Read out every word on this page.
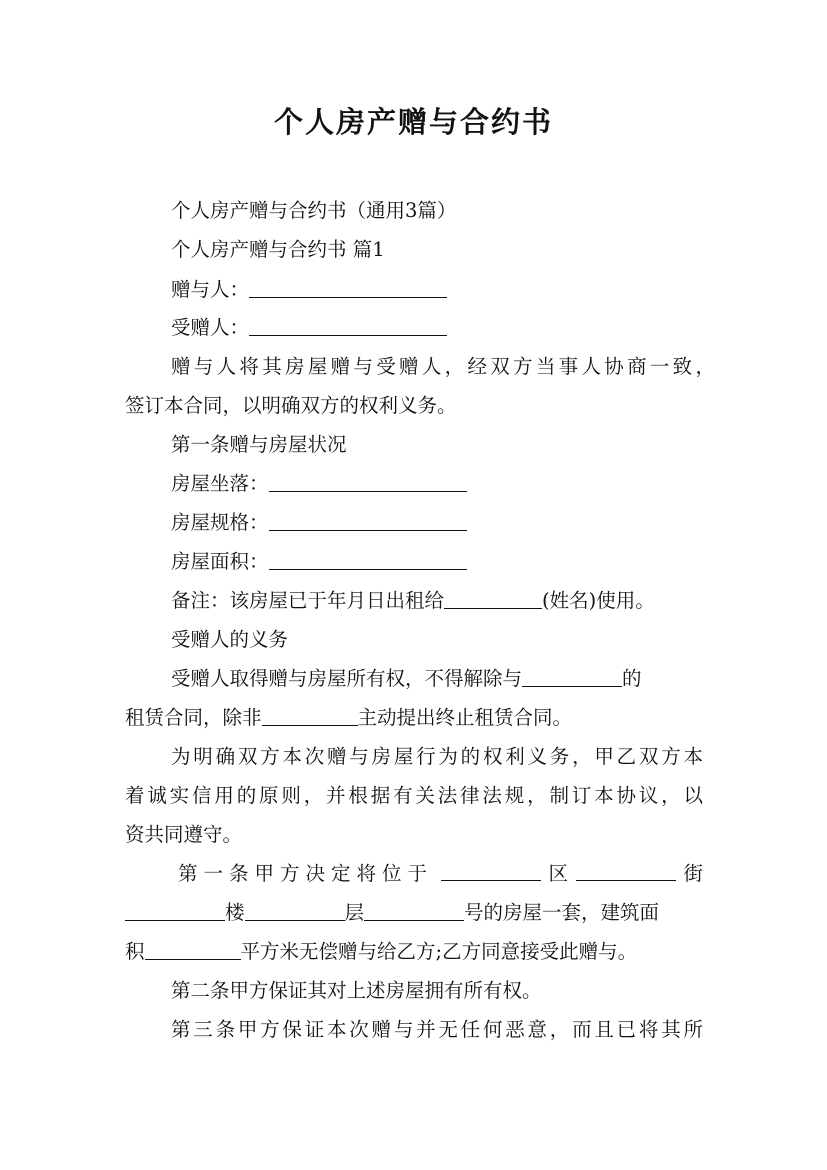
个人房产赠与合约书
个人房产赠与合约书（通用3篇）
个人房产赠与合约书 篇1
赠与人：
受赠人：
赠与人将其房屋赠与受赠人，经双方当事人协商一致，
签订本合同，以明确双方的权利义务。
第一条赠与房屋状况
房屋坐落：
房屋规格：
房屋面积：
备注：该房屋已于年月日出租给	(姓名)使用。
受赠人的义务
受赠人取得赠与房屋所有权，不得解除与	的
租赁合同，除非	主动提出终止租赁合同。
为明确双方本次赠与房屋行为的权利义务，甲乙双方本
着诚实信用的原则，并根据有关法律法规，制订本协议，以
资共同遵守。
第一条甲方决定将位于	区	街
楼	层	号的房屋一套，建筑面
积	平方米无偿赠与给乙方;乙方同意接受此赠与。
第二条甲方保证其对上述房屋拥有所有权。
第三条甲方保证本次赠与并无任何恶意，而且已将其所
